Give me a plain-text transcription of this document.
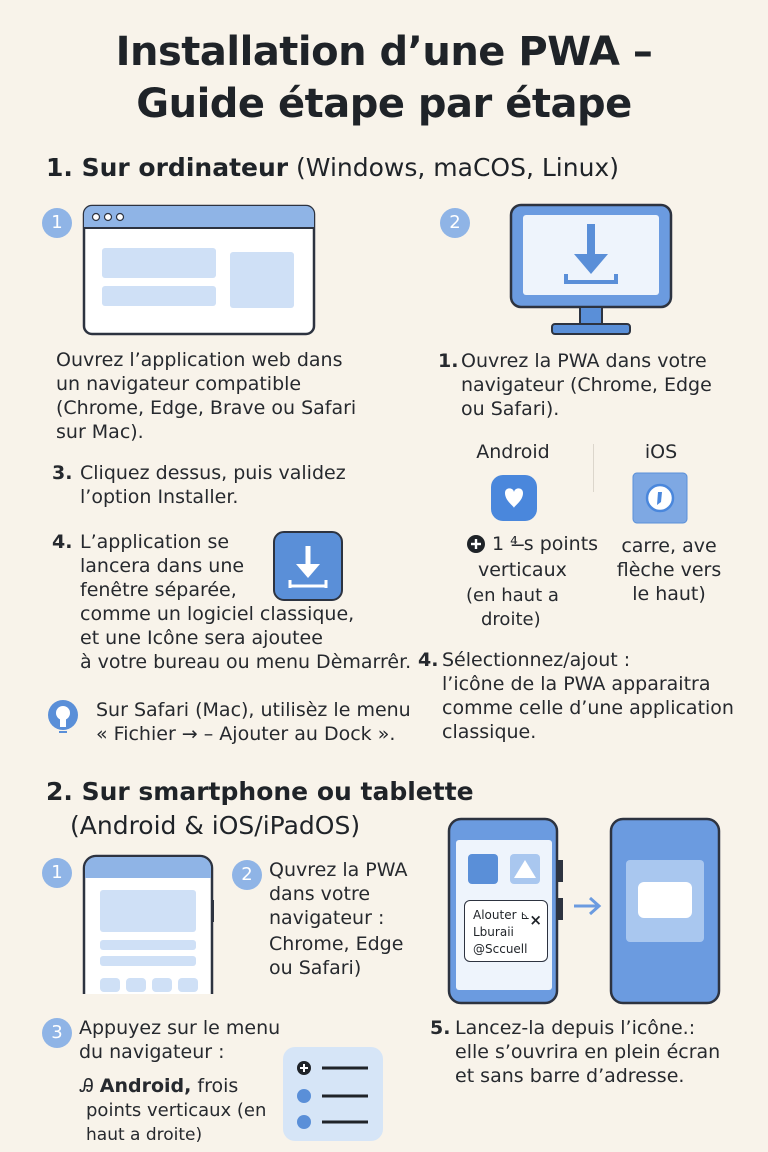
Installation d’une PWA –
Guide étape par étape
1. Sur ordinateur (Windows, maCOS, Linux)
1
Ouvrez l’application web dans
un navigateur compatible
(Chrome, Edge, Brave ou Safari
sur Mac).
3. Cliquez dessus, puis validez
l’option Installer.
4. L’application se
lancera dans une
fenêtre séparée,
comme un logiciel classique,
et une Icône sera ajoutee
à votre bureau ou menu Dèmarrêr.
Sur Safari (Mac), utilisèz le menu
« Fichier → – Ajouter au Dock ».
2
1. Ouvrez la PWA dans votre
navigateur (Chrome, Edge
ou Safari).
Android	iOS
1 ⁴ ̶s points
verticaux
(en haut a
droite)
carre, ave
flèche vers
le haut)
4. Sélectionnez/ajout :
l’icône de la PWA apparaitra
comme celle d’une application
classique.
2. Sur smartphone ou tablette
(Android & iOS/iPadOS)
1	2 Quvrez la PWA
dans votre
navigateur :
Chrome, Edge
ou Safari)
3 Appuyez sur le menu
du navigateur :
Ꭿ Android, frois
points verticaux (en
haut a droite)
Alouter ⊾
Lburaii
@Sccuell
×
5. Lancez-la depuis l’icône.:
elle s’ouvrira en plein écran
et sans barre d’adresse.
